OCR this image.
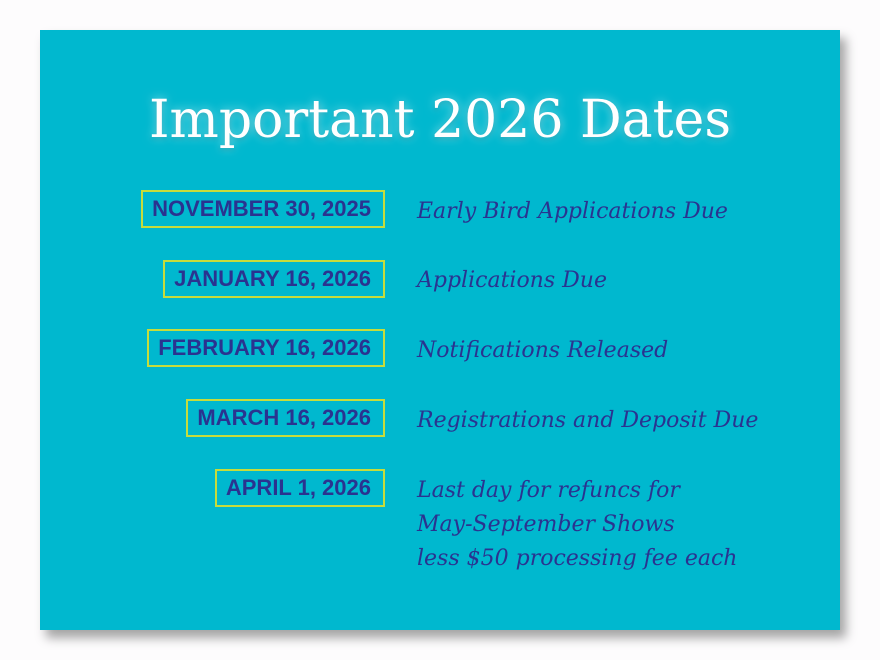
Important 2026 Dates
NOVEMBER 30, 2025	Early Bird Applications Due
JANUARY 16, 2026	Applications Due
FEBRUARY 16, 2026	Notifications Released
MARCH 16, 2026	Registrations and Deposit Due
APRIL 1, 2026	Last day for refuncs for
May-September Shows
less $50 processing fee each
